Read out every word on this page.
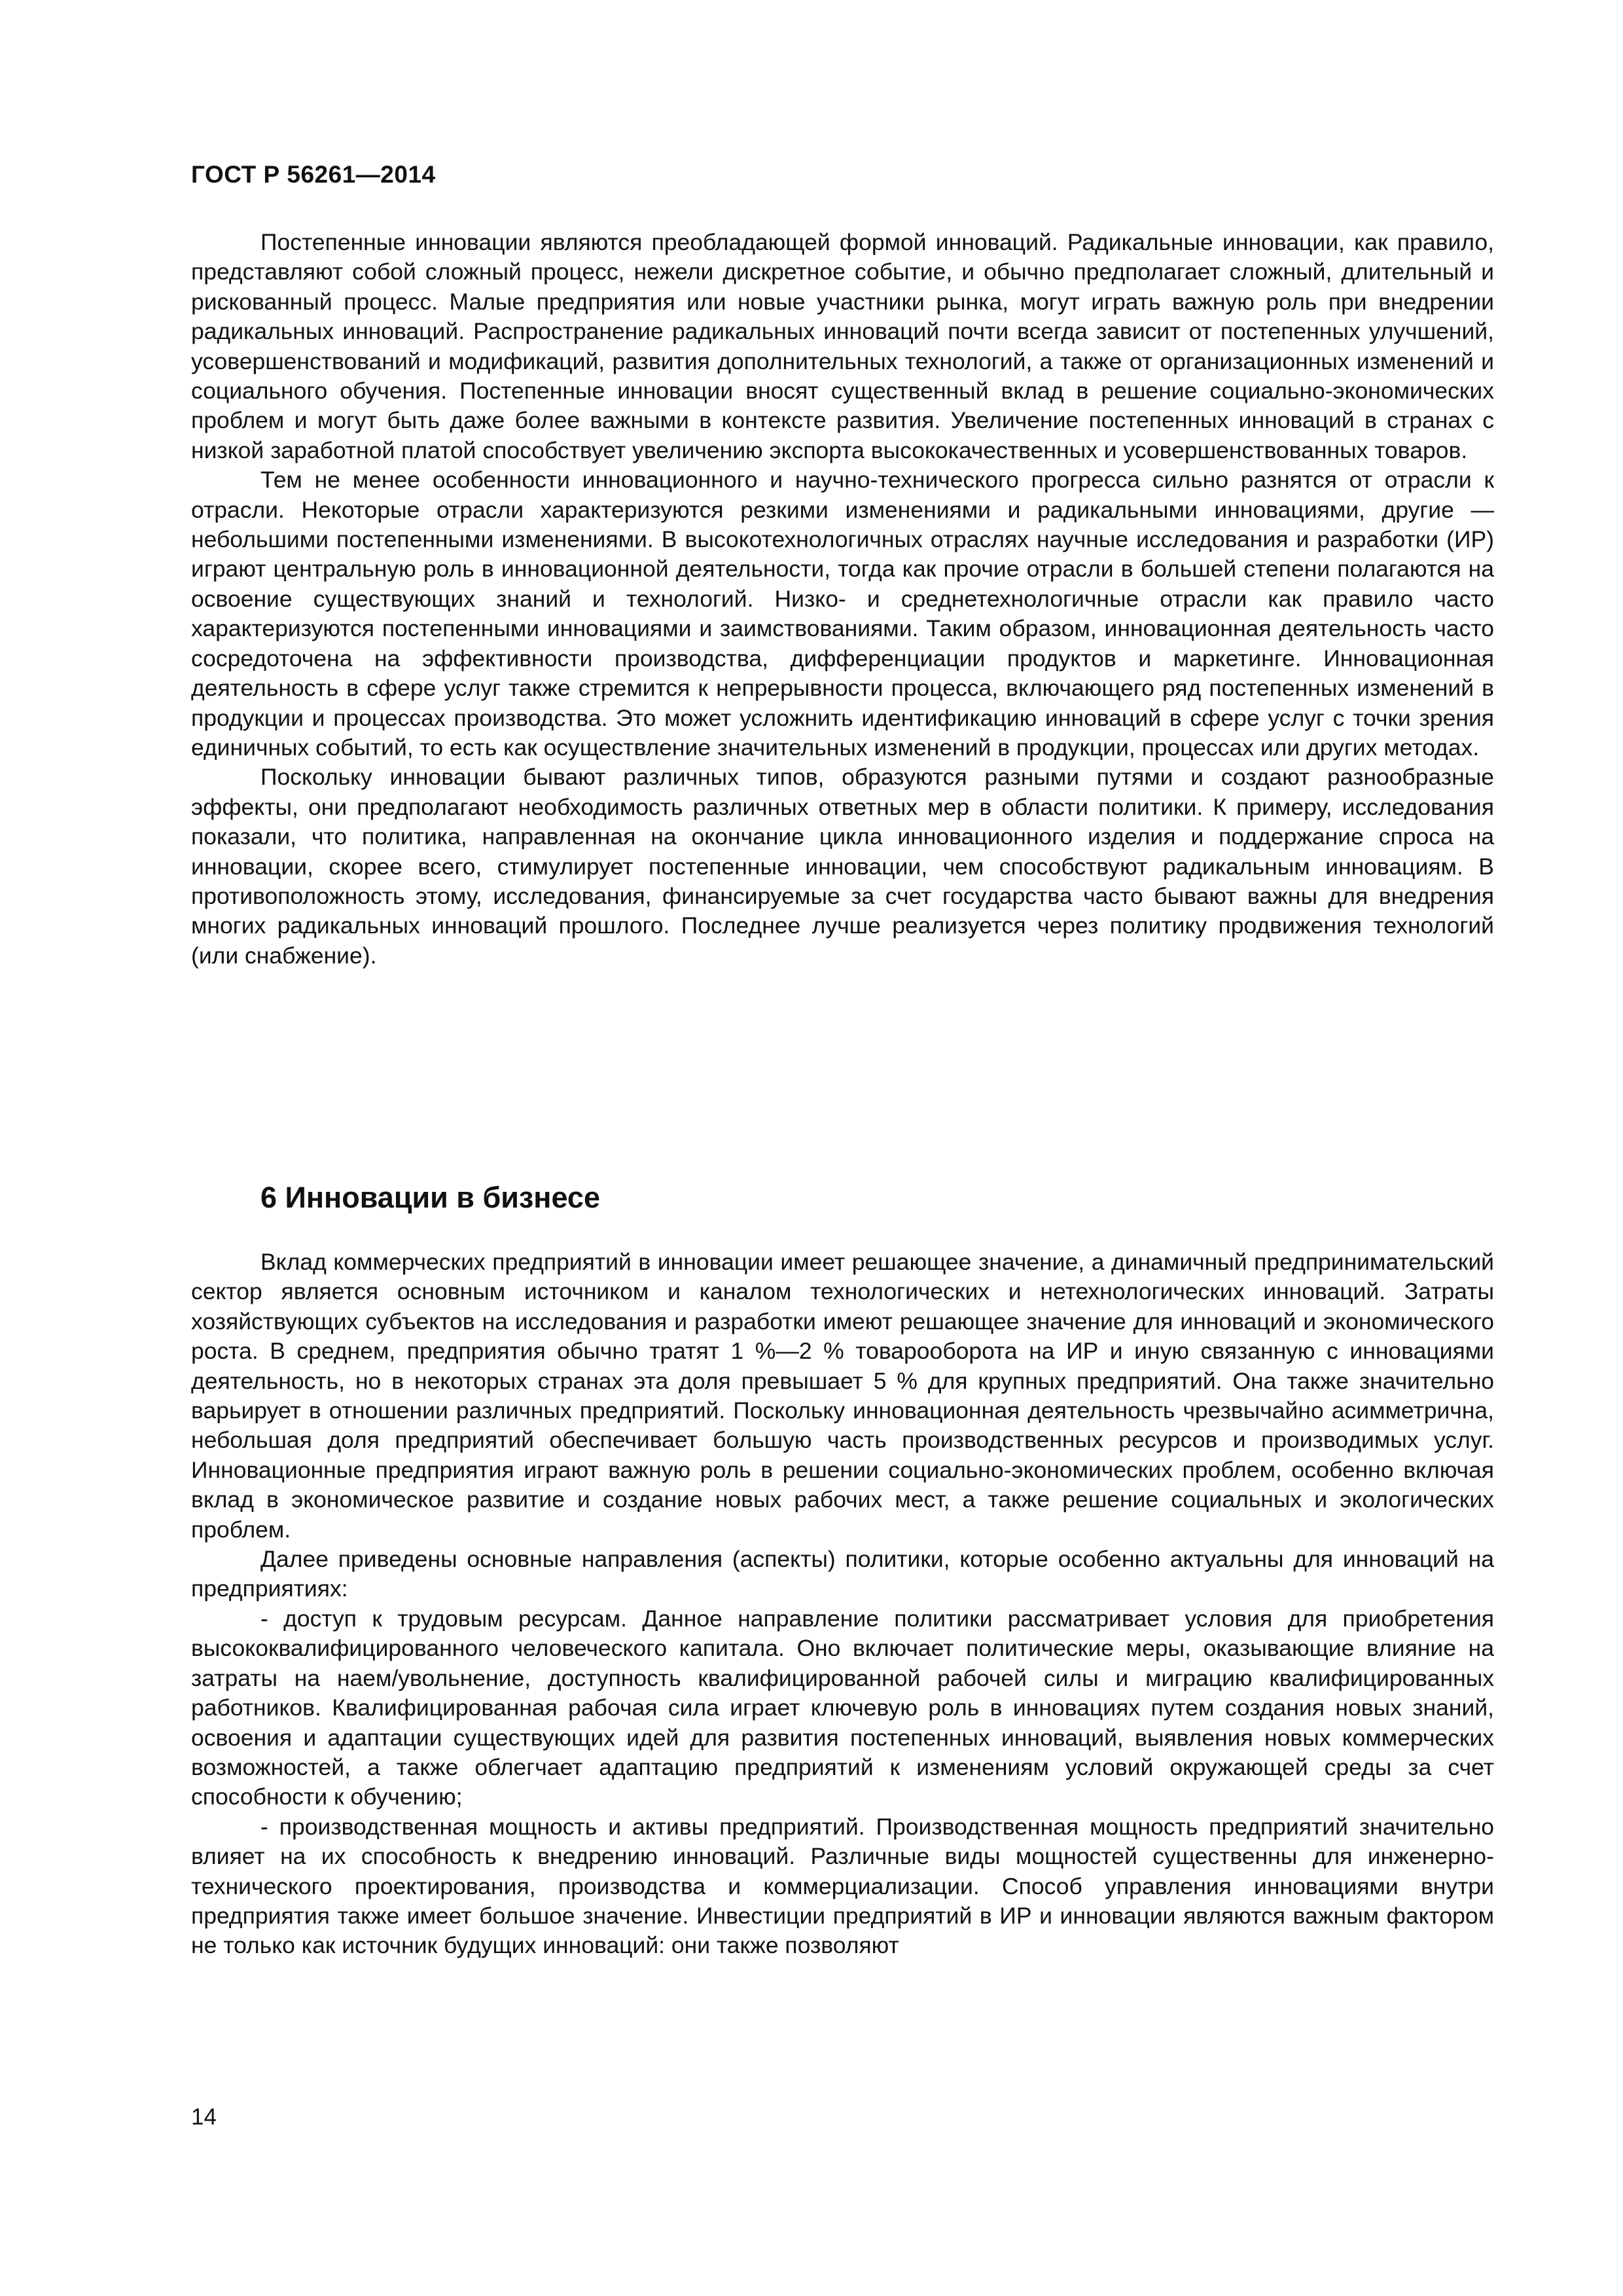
ГОСТ Р 56261—2014

Постепенные инновации являются преобладающей формой инноваций. Радикальные инновации, как правило, представляют собой сложный процесс, нежели дискретное событие, и обычно предполагает сложный, длительный и рискованный процесс. Малые предприятия или новые участники рынка, могут играть важную роль при внедрении радикальных инноваций. Распространение радикальных инноваций почти всегда зависит от постепенных улучшений, усовершенствований и модификаций, развития дополнительных технологий, а также от организационных изменений и социального обучения. Постепенные инновации вносят существенный вклад в решение социально-экономических проблем и могут быть даже более важными в контексте развития. Увеличение постепенных инноваций в странах с низкой заработной платой способствует увеличению экспорта высококачественных и усовершенствованных товаров.

Тем не менее особенности инновационного и научно-технического прогресса сильно разнятся от отрасли к отрасли. Некоторые отрасли характеризуются резкими изменениями и радикальными инновациями, другие — небольшими постепенными изменениями. В высокотехнологичных отраслях научные исследования и разработки (ИР) играют центральную роль в инновационной деятельности, тогда как прочие отрасли в большей степени полагаются на освоение существующих знаний и технологий. Низко- и среднетехнологичные отрасли как правило часто характеризуются постепенными инновациями и заимствованиями. Таким образом, инновационная деятельность часто сосредоточена на эффективности производства, дифференциации продуктов и маркетинге. Инновационная деятельность в сфере услуг также стремится к непрерывности процесса, включающего ряд постепенных изменений в продукции и процессах производства. Это может усложнить идентификацию инноваций в сфере услуг с точки зрения единичных событий, то есть как осуществление значительных изменений в продукции, процессах или других методах.

Поскольку инновации бывают различных типов, образуются разными путями и создают разнообразные эффекты, они предполагают необходимость различных ответных мер в области политики. К примеру, исследования показали, что политика, направленная на окончание цикла инновационного изделия и поддержание спроса на инновации, скорее всего, стимулирует постепенные инновации, чем способствуют радикальным инновациям. В противоположность этому, исследования, финансируемые за счет государства часто бывают важны для внедрения многих радикальных инноваций прошлого. Последнее лучше реализуется через политику продвижения технологий (или снабжение).

6 Инновации в бизнесе

Вклад коммерческих предприятий в инновации имеет решающее значение, а динамичный предпринимательский сектор является основным источником и каналом технологических и нетехнологических инноваций. Затраты хозяйствующих субъектов на исследования и разработки имеют решающее значение для инноваций и экономического роста. В среднем, предприятия обычно тратят 1 %—2 % товарооборота на ИР и иную связанную с инновациями деятельность, но в некоторых странах эта доля превышает 5 % для крупных предприятий. Она также значительно варьирует в отношении различных предприятий. Поскольку инновационная деятельность чрезвычайно асимметрична, небольшая доля предприятий обеспечивает большую часть производственных ресурсов и производимых услуг. Инновационные предприятия играют важную роль в решении социально-экономических проблем, особенно включая вклад в экономическое развитие и создание новых рабочих мест, а также решение социальных и экологических проблем.

Далее приведены основные направления (аспекты) политики, которые особенно актуальны для инноваций на предприятиях:

- доступ к трудовым ресурсам. Данное направление политики рассматривает условия для приобретения высококвалифицированного человеческого капитала. Оно включает политические меры, оказывающие влияние на затраты на наем/увольнение, доступность квалифицированной рабочей силы и миграцию квалифицированных работников. Квалифицированная рабочая сила играет ключевую роль в инновациях путем создания новых знаний, освоения и адаптации существующих идей для развития постепенных инноваций, выявления новых коммерческих возможностей, а также облегчает адаптацию предприятий к изменениям условий окружающей среды за счет способности к обучению;

- производственная мощность и активы предприятий. Производственная мощность предприятий значительно влияет на их способность к внедрению инноваций. Различные виды мощностей существенны для инженерно-технического проектирования, производства и коммерциализации. Способ управления инновациями внутри предприятия также имеет большое значение. Инвестиции предприятий в ИР и инновации являются важным фактором не только как источник будущих инноваций: они также позволяют

14
